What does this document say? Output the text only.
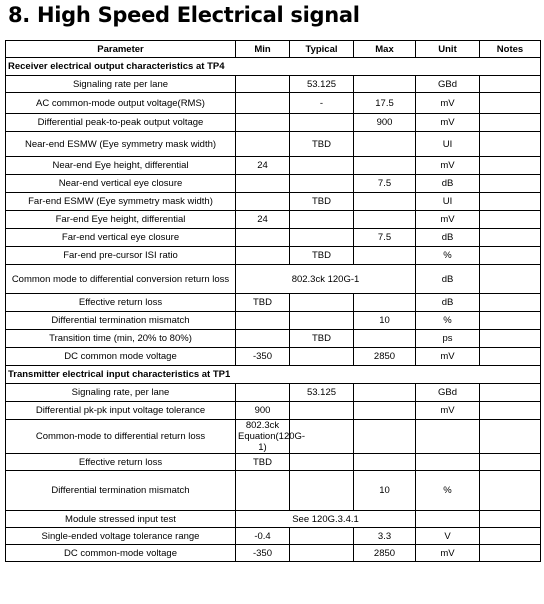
8. High Speed Electrical signal
Parameter	Min	Typical	Max	Unit	Notes
Receiver electrical output characteristics at TP4					
Signaling rate per lane		53.125		GBd	
AC common-mode output voltage(RMS)		-	17.5	mV	
Differential peak-to-peak output voltage			900	mV	
Near-end ESMW (Eye symmetry mask width)		TBD		UI	
Near-end Eye height, differential	24			mV	
Near-end vertical eye closure			7.5	dB	
Far-end ESMW (Eye symmetry mask width)		TBD		UI	
Far-end Eye height, differential	24			mV	
Far-end vertical eye closure			7.5	dB	
Far-end pre-cursor ISI ratio		TBD		%	
Common mode to differential conversion return loss	802.3ck 120G-1			dB	
Effective return loss	TBD			dB	
Differential termination mismatch			10	%	
Transition time (min, 20% to 80%)		TBD		ps	
DC common mode voltage	-350		2850	mV	
Transmitter electrical input characteristics at TP1					
Signaling rate, per lane		53.125		GBd	
Differential pk-pk input voltage tolerance	900			mV	
Common-mode to differential return loss	802.3ck Equation(120G-1)				
Effective return loss	TBD				
Differential termination mismatch			10	%	
Module stressed input test	See 120G.3.4.1				
Single-ended voltage tolerance range	-0.4		3.3	V	
DC common-mode voltage	-350		2850	mV	
